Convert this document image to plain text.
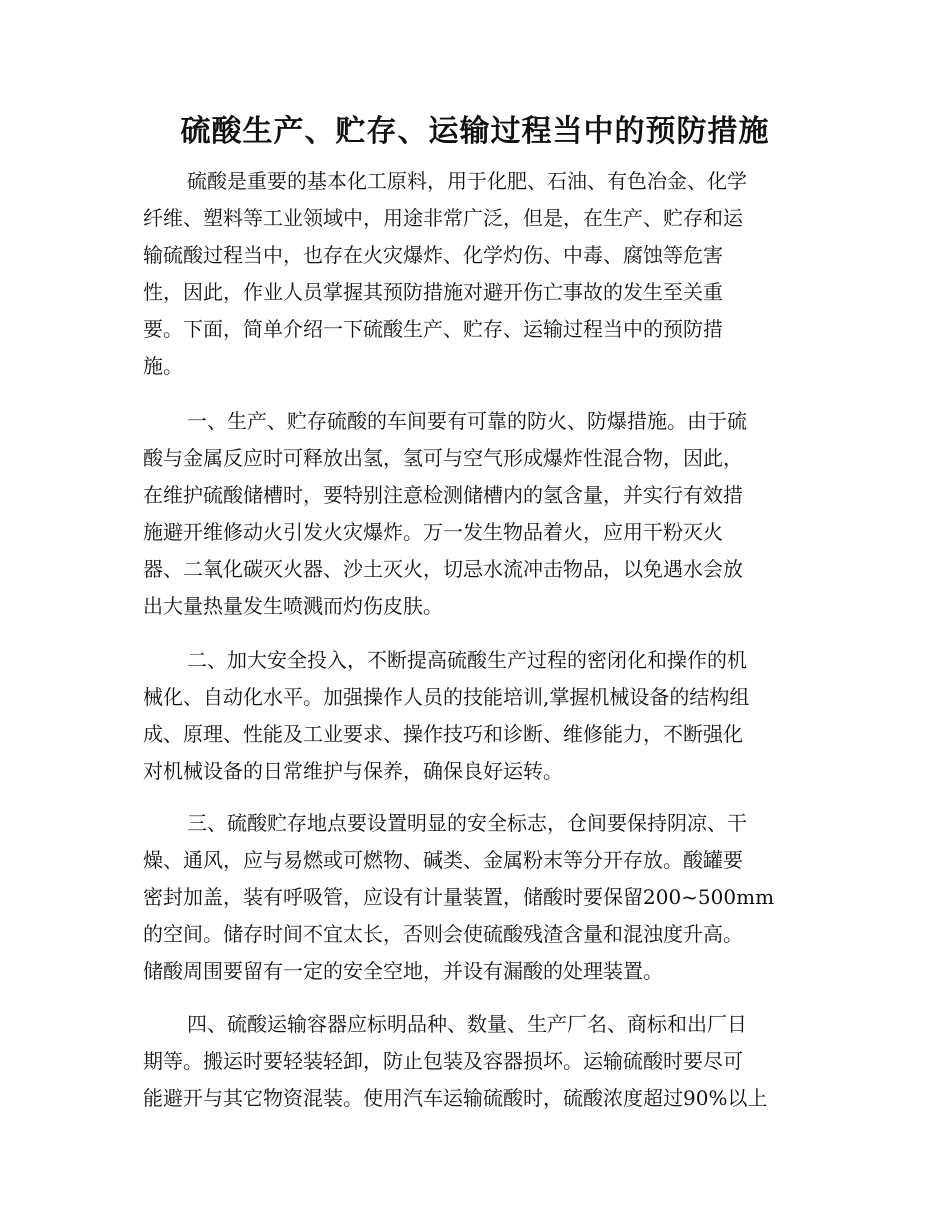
硫酸生产、贮存、运输过程当中的预防措施
硫酸是重要的基本化工原料，用于化肥、石油、有色冶金、化学
纤维、塑料等工业领域中，用途非常广泛，但是，在生产、贮存和运
输硫酸过程当中，也存在火灾爆炸、化学灼伤、中毒、腐蚀等危害
性，因此，作业人员掌握其预防措施对避开伤亡事故的发生至关重
要。下面，简单介绍一下硫酸生产、贮存、运输过程当中的预防措
施。
一、生产、贮存硫酸的车间要有可靠的防火、防爆措施。由于硫
酸与金属反应时可释放出氢，氢可与空气形成爆炸性混合物，因此，
在维护硫酸储槽时，要特别注意检测储槽内的氢含量，并实行有效措
施避开维修动火引发火灾爆炸。万一发生物品着火，应用干粉灭火
器、二氧化碳灭火器、沙土灭火，切忌水流冲击物品，以免遇水会放
出大量热量发生喷溅而灼伤皮肤。
二、加大安全投入，不断提高硫酸生产过程的密闭化和操作的机
械化、自动化水平。加强操作人员的技能培训,掌握机械设备的结构组
成、原理、性能及工业要求、操作技巧和诊断、维修能力，不断强化
对机械设备的日常维护与保养，确保良好运转。
三、硫酸贮存地点要设置明显的安全标志，仓间要保持阴凉、干
燥、通风，应与易燃或可燃物、碱类、金属粉末等分开存放。酸罐要
密封加盖，装有呼吸管，应设有计量装置，储酸时要保留200~500mm
的空间。储存时间不宜太长，否则会使硫酸残渣含量和混浊度升高。
储酸周围要留有一定的安全空地，并设有漏酸的处理装置。
四、硫酸运输容器应标明品种、数量、生产厂名、商标和出厂日
期等。搬运时要轻装轻卸，防止包装及容器损坏。运输硫酸时要尽可
能避开与其它物资混装。使用汽车运输硫酸时，硫酸浓度超过90%以上
